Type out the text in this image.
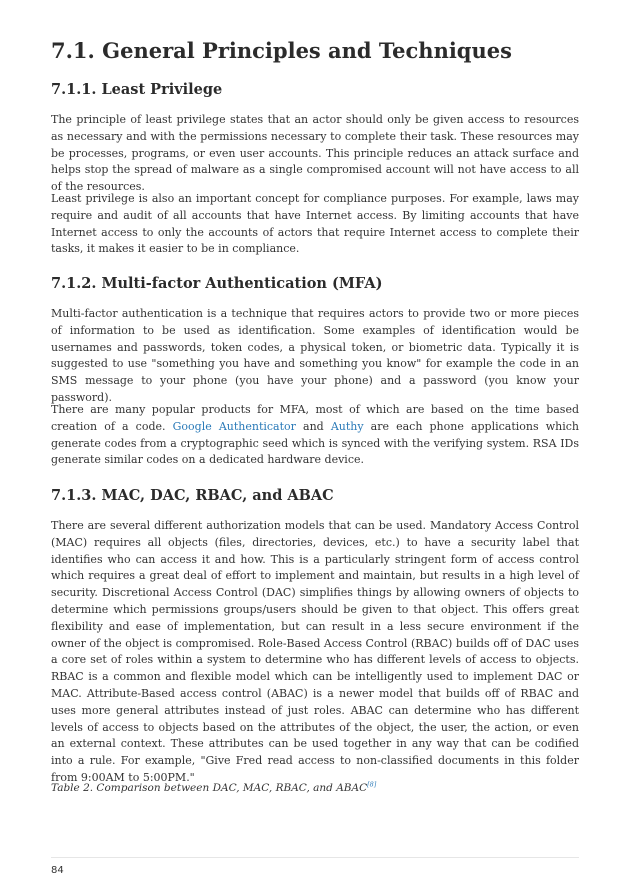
7.1. General Principles and Techniques
7.1.1. Least Privilege

The principle of least privilege states that an actor should only be given access to resources as necessary and with the permissions necessary to complete their task. These resources may be processes, programs, or even user accounts. This principle reduces an attack surface and helps stop the spread of malware as a single compromised account will not have access to all of the resources.

Least privilege is also an important concept for compliance purposes. For example, laws may require and audit of all accounts that have Internet access. By limiting accounts that have Internet access to only the accounts of actors that require Internet access to complete their tasks, it makes it easier to be in compliance.

7.1.2. Multi-factor Authentication (MFA)

Multi-factor authentication is a technique that requires actors to provide two or more pieces of information to be used as identification. Some examples of identification would be usernames and passwords, token codes, a physical token, or biometric data. Typically it is suggested to use "something you have and something you know" for example the code in an SMS message to your phone (you have your phone) and a password (you know your password).

There are many popular products for MFA, most of which are based on the time based creation of a code. Google Authenticator and Authy are each phone applications which generate codes from a cryptographic seed which is synced with the verifying system. RSA IDs generate similar codes on a dedicated hardware device.

7.1.3. MAC, DAC, RBAC, and ABAC

There are several different authorization models that can be used. Mandatory Access Control (MAC) requires all objects (files, directories, devices, etc.) to have a security label that identifies who can access it and how. This is a particularly stringent form of access control which requires a great deal of effort to implement and maintain, but results in a high level of security. Discretional Access Control (DAC) simplifies things by allowing owners of objects to determine which permissions groups/users should be given to that object. This offers great flexibility and ease of implementation, but can result in a less secure environment if the owner of the object is compromised. Role-Based Access Control (RBAC) builds off of DAC uses a core set of roles within a system to determine who has different levels of access to objects. RBAC is a common and flexible model which can be intelligently used to implement DAC or MAC. Attribute-Based access control (ABAC) is a newer model that builds off of RBAC and uses more general attributes instead of just roles. ABAC can determine who has different levels of access to objects based on the attributes of the object, the user, the action, or even an external context. These attributes can be used together in any way that can be codified into a rule. For example, "Give Fred read access to non-classified documents in this folder from 9:00AM to 5:00PM."

Table 2. Comparison between DAC, MAC, RBAC, and ABAC[8]
84
